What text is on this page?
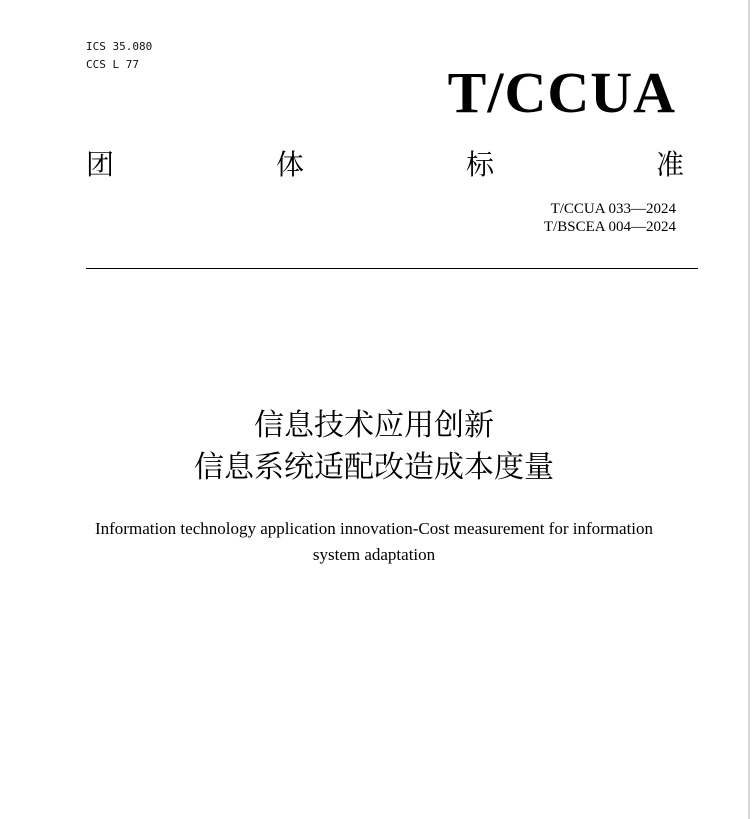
ICS 35.080
CCS L 77	T/CCUA
团	体	标	准
T/CCUA 033—2024
T/BSCEA 004—2024
信息技术应用创新
信息系统适配改造成本度量
Information technology application innovation-Cost measurement for information
system adaptation
